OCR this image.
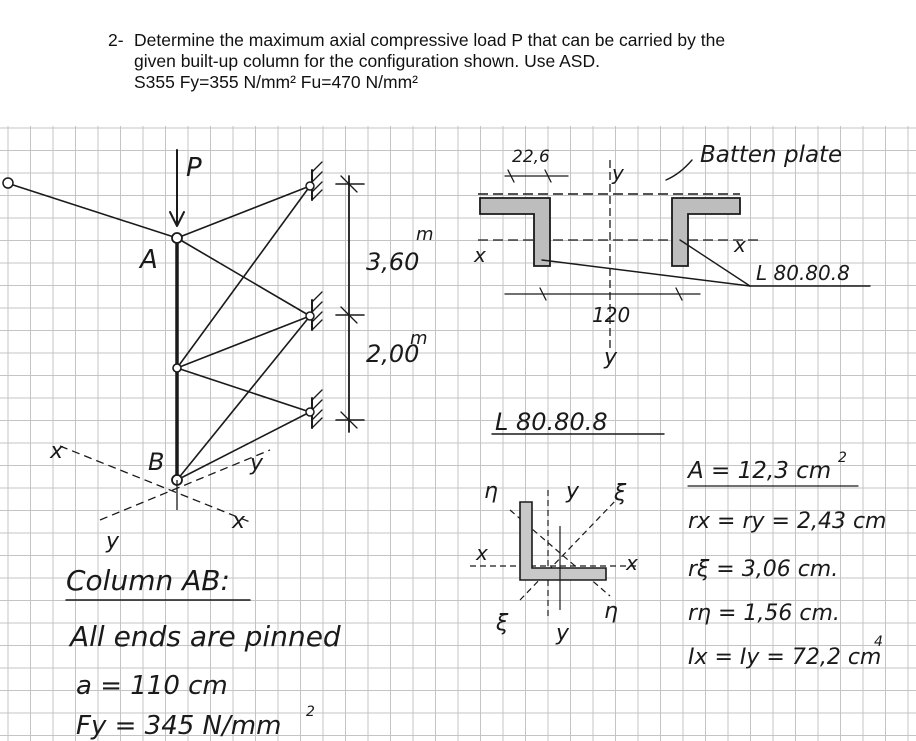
P
A
B
3,60
m
2,00
m
x
x
y
y
Batten plate
22,6
y
x	x
L 80.80.8
120
y
L 80.80.8
η	y ξ
x	x
ξ y
η
A = 12,3 cm 2
rx = ry = 2,43 cm
rξ = 3,06 cm.
rη = 1,56 cm.
Ix = Iy = 72,2 cm
4
Column AB:
All ends are pinned
a = 110 cm
Fy = 345 N/mm 2
2- Determine the maximum axial compressive load P that can be carried by the
given built-up column for the configuration shown. Use ASD.
S355 Fy=355 N/mm² Fu=470 N/mm²
